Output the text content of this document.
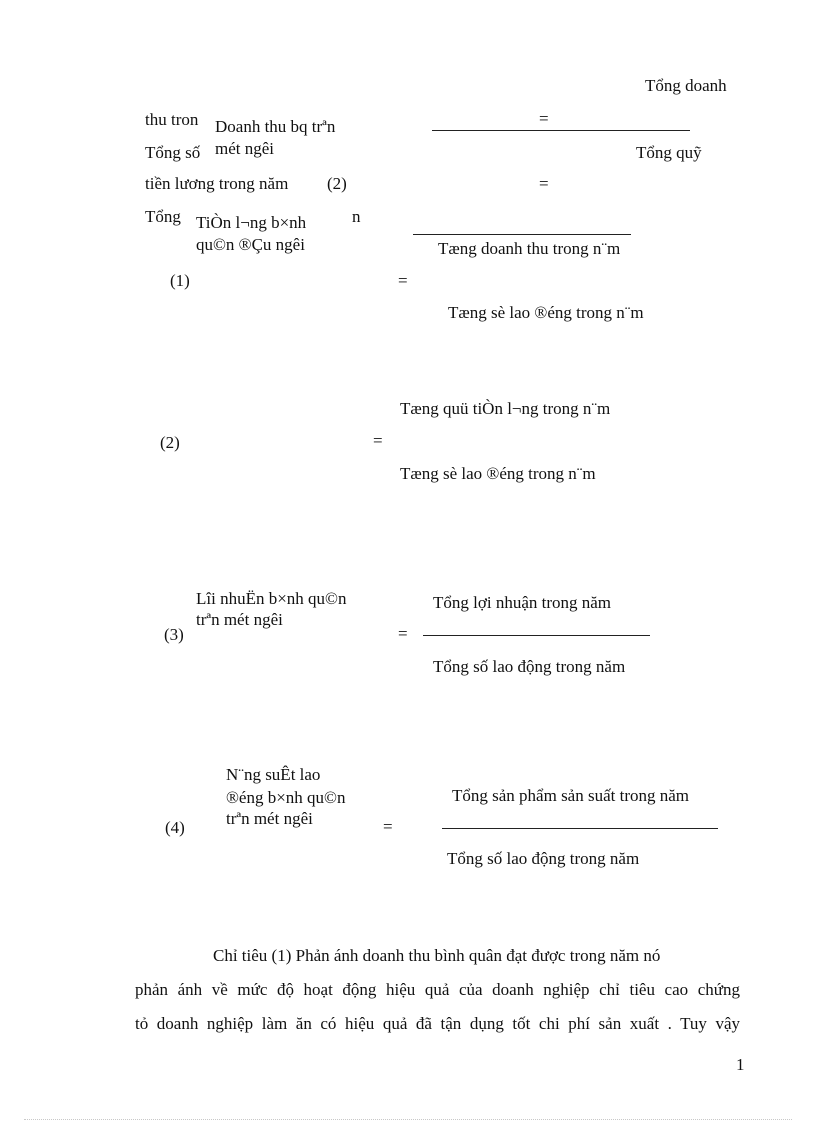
Tổng doanh
thu tron Doanh thu bq trªn	=
Tổng số mét ngêi	Tổng quỹ
tiền lương trong năm (2)	=
Tổng TiÒn l¬ng b×nh	n
qu©n ®Çu ngêi	Tæng doanh thu trong n¨m
(1)	=
Tæng sè lao ®éng trong n¨m
Tæng quü tiÒn l¬ng trong n¨m
(2)	=
Tæng sè lao ®éng trong n¨m
Lîi nhuËn b×nh qu©n
trªn mét ngêi
Tổng lợi nhuận trong năm
(3)	=
Tổng số lao động trong năm
N¨ng suÊt lao
®éng b×nh qu©n	Tổng sản phẩm sản suất trong năm
trªn mét ngêi
(4)	=
Tổng số lao động trong năm
Chỉ tiêu (1) Phản ánh doanh thu bình quân đạt được trong năm nó
phản ánh về mức độ hoạt động hiệu quả của doanh nghiệp chỉ tiêu cao chứng
tỏ doanh nghiệp làm ăn có hiệu quả đã tận dụng tốt chi phí sản xuất . Tuy vậy
1
